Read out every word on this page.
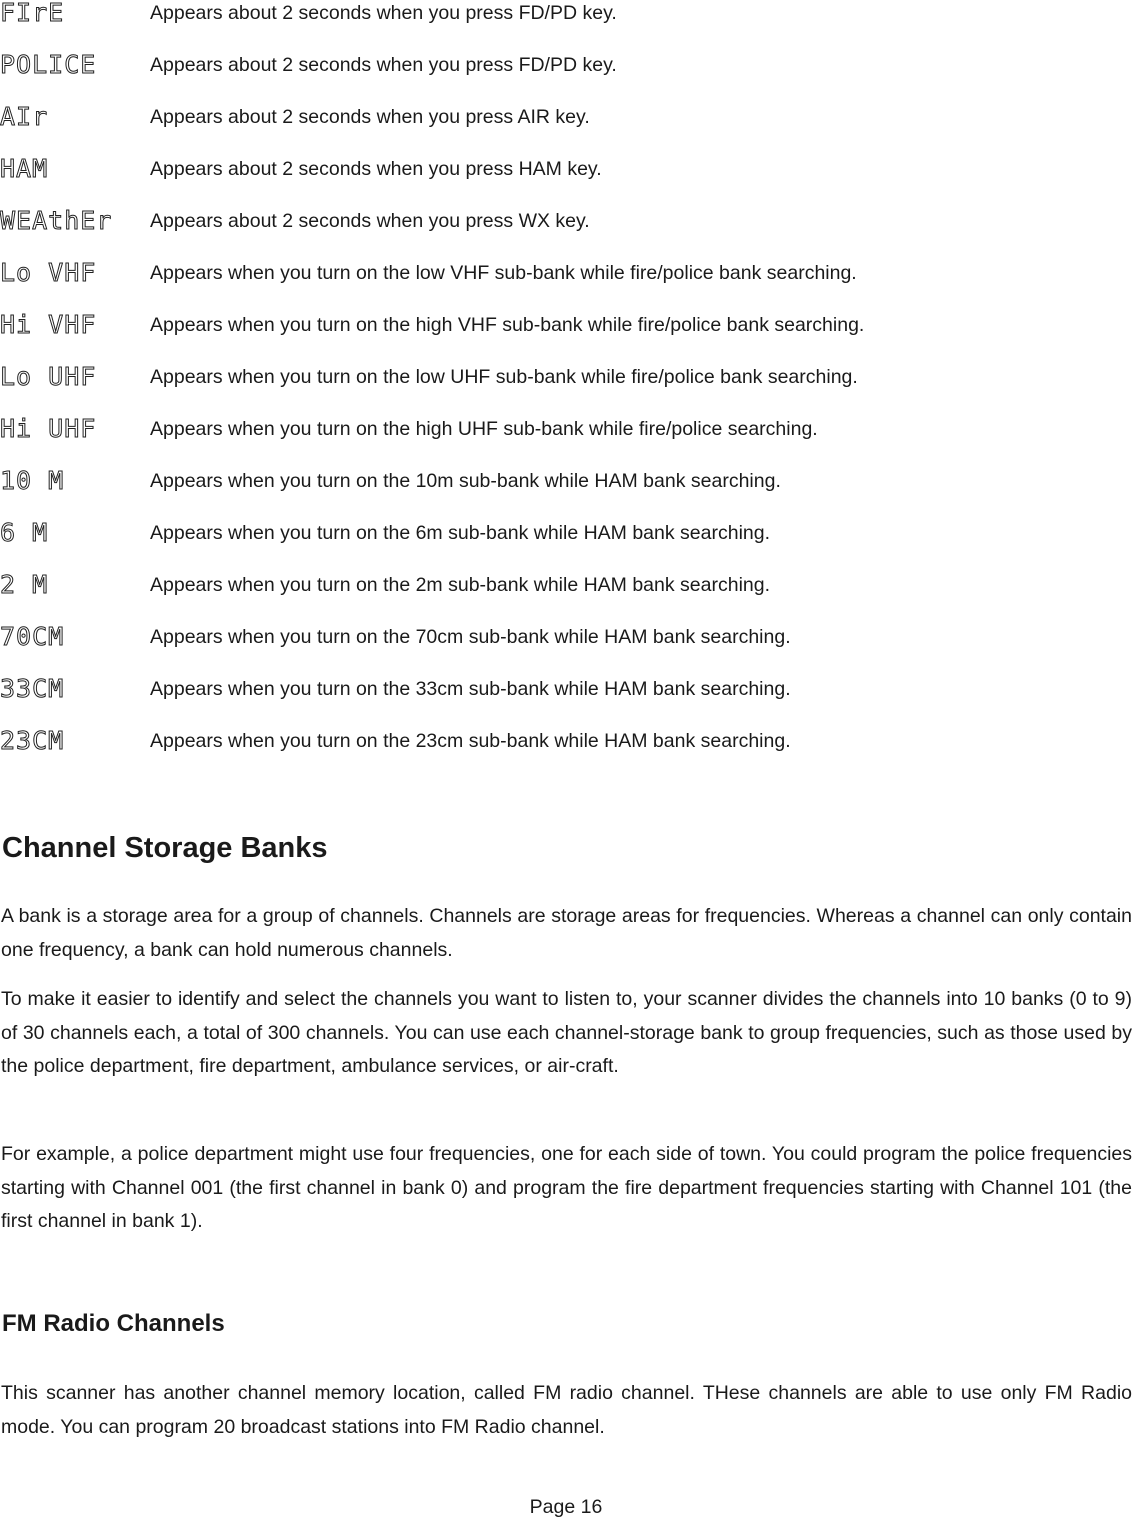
FIrE	Appears about 2 seconds when you press FD/PD key.
POLICE	Appears about 2 seconds when you press FD/PD key.
AIr	Appears about 2 seconds when you press AIR key.
HAM	Appears about 2 seconds when you press HAM key.
WEAthEr Appears about 2 seconds when you press WX key.
Lo VHF	Appears when you turn on the low VHF sub-bank while fire/police bank searching.
Hi VHF	Appears when you turn on the high VHF sub-bank while fire/police bank searching.
Lo UHF	Appears when you turn on the low UHF sub-bank while fire/police bank searching.
Hi UHF	Appears when you turn on the high UHF sub-bank while fire/police searching.
10 M	Appears when you turn on the 10m sub-bank while HAM bank searching.
6 M	Appears when you turn on the 6m sub-bank while HAM bank searching.
2 M	Appears when you turn on the 2m sub-bank while HAM bank searching.
70CM	Appears when you turn on the 70cm sub-bank while HAM bank searching.
33CM	Appears when you turn on the 33cm sub-bank while HAM bank searching.
23CM	Appears when you turn on the 23cm sub-bank while HAM bank searching.
Channel Storage Banks

A bank is a storage area for a group of channels. Channels are storage areas for frequencies. Whereas a channel can only contain one frequency, a bank can hold numerous channels.

To make it easier to identify and select the channels you want to listen to, your scanner divides the channels into 10 banks (0 to 9) of 30 channels each, a total of 300 channels. You can use each channel-storage bank to group frequencies, such as those used by the police department, fire department, ambulance services, or air-craft.

For example, a police department might use four frequencies, one for each side of town. You could program the police frequencies starting with Channel 001 (the first channel in bank 0) and program the fire department frequencies starting with Channel 101 (the first channel in bank 1).

FM Radio Channels

This scanner has another channel memory location, called FM radio channel. THese channels are able to use only FM Radio mode. You can program 20 broadcast stations into FM Radio channel.

Page 16
